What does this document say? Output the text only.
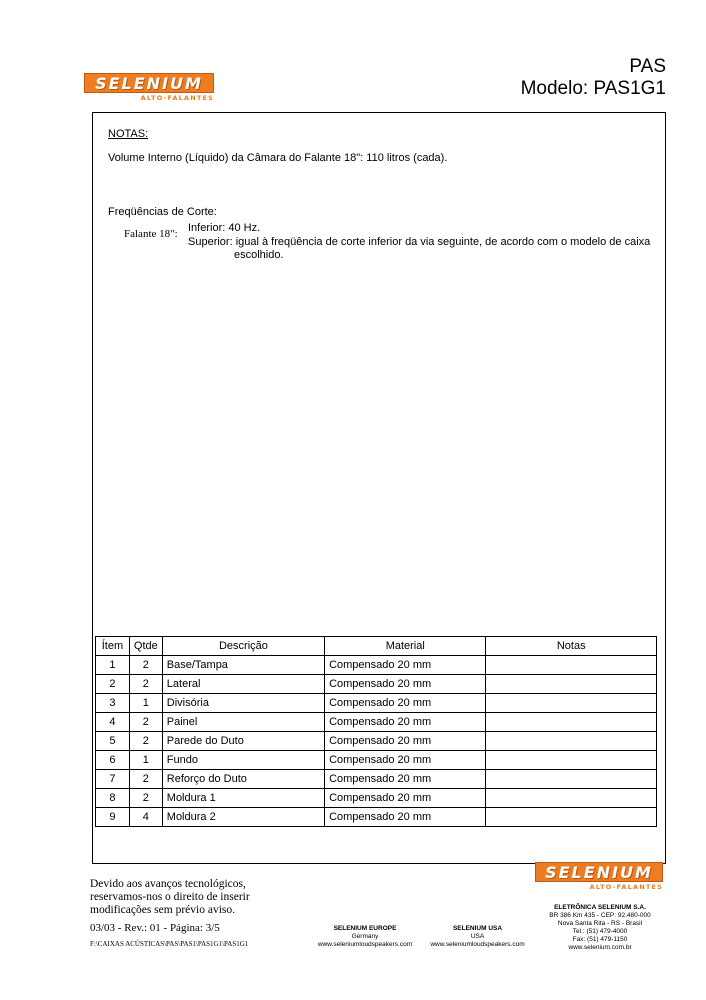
SELENIUM
ALTO-FALANTES
PAS
Modelo: PAS1G1
NOTAS:
Volume Interno (Líquido) da Câmara do Falante 18": 110 litros (cada).
Freqüências de Corte:
Falante 18": Inferior: 40 Hz.
Superior: igual à freqüência de corte inferior da via seguinte, de acordo com o modelo de caixa
escolhido.
Ítem	Qtde	Descrição	Material	Notas
1	2	Base/Tampa	Compensado 20 mm	
2	2	Lateral	Compensado 20 mm	
3	1	Divisória	Compensado 20 mm	
4	2	Painel	Compensado 20 mm	
5	2	Parede do Duto	Compensado 20 mm	
6	1	Fundo	Compensado 20 mm	
7	2	Reforço do Duto	Compensado 20 mm	
8	2	Moldura 1	Compensado 20 mm	
9	4	Moldura 2	Compensado 20 mm	
SELENIUM
ALTO-FALANTES
Devido aos avanços tecnológicos,
reservamos-nos o direito de inserir
modificações sem prévio aviso.
03/03 - Rev.: 01 - Página: 3/5
F:\CAIXAS ACÚSTICAS\PAS\PAS1\PAS1G1\PAS1G1
SELENIUM EUROPE
Germany
www.seleniumloudspeakers.com
SELENIUM USA
USA
www.seleniumloudspeakers.com
ELETRÔNICA SELENIUM S.A.
BR 386 Km 435 - CEP: 92.480-000
Nova Santa Rita - RS - Brasil
Tel.: (51) 479-4000
Fax: (51) 479-1150
www.selenium.com.br
